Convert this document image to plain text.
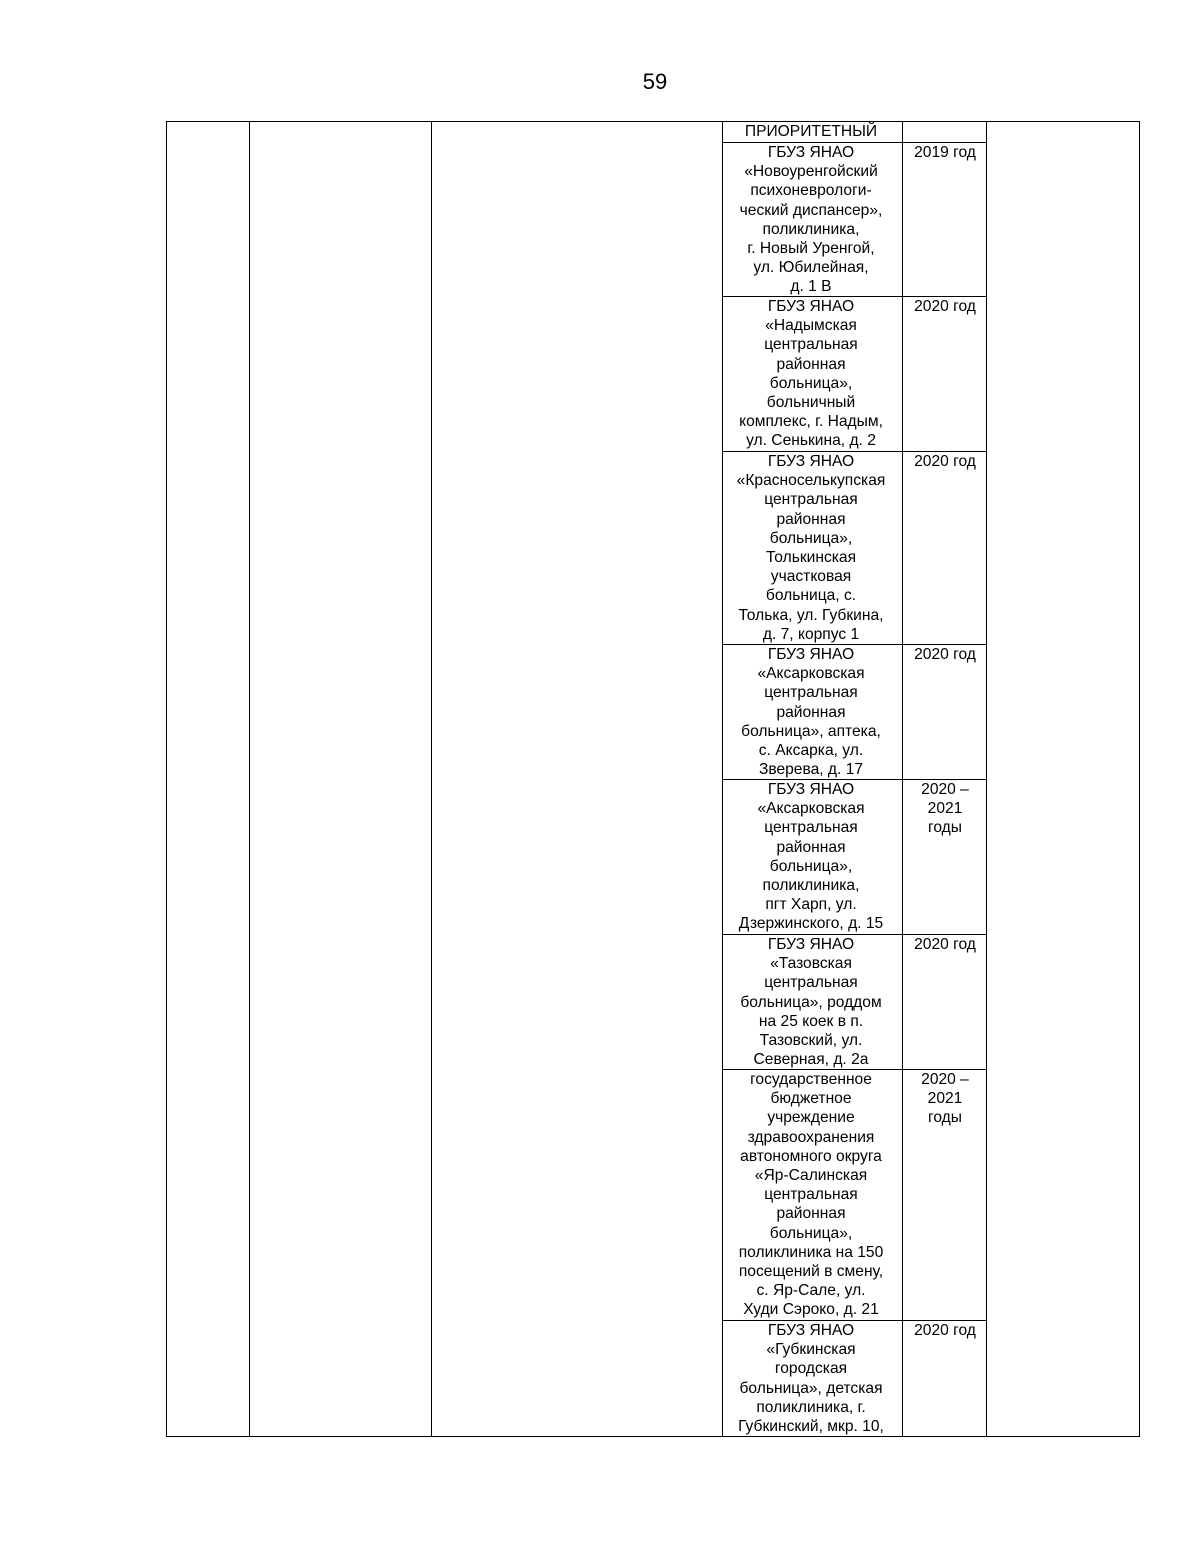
59
ПРИОРИТЕТНЫЙ
ГБУЗ ЯНАО
«Новоуренгойский
психоневрологи-
ческий диспансер»,
поликлиника,
г. Новый Уренгой,
ул. Юбилейная,
д. 1 В
2019 год
ГБУЗ ЯНАО
«Надымская
центральная
районная
больница»,
больничный
комплекс, г. Надым,
ул. Сенькина, д. 2
2020 год
ГБУЗ ЯНАО
«Красноселькупская
центральная
районная
больница»,
Толькинская
участковая
больница, с.
Толька, ул. Губкина,
д. 7, корпус 1
2020 год
ГБУЗ ЯНАО
«Аксарковская
центральная
районная
больница», аптека,
с. Аксарка, ул.
Зверева, д. 17
2020 год
ГБУЗ ЯНАО
«Аксарковская
центральная
районная
больница»,
поликлиника,
пгт Харп, ул.
Дзержинского, д. 15
2020 –
2021
годы
ГБУЗ ЯНАО
«Тазовская
центральная
больница», роддом
на 25 коек в п.
Тазовский, ул.
Северная, д. 2а
2020 год
государственное
бюджетное
учреждение
здравоохранения
автономного округа
«Яр-Салинская
центральная
районная
больница»,
поликлиника на 150
посещений в смену,
с. Яр-Сале, ул.
Худи Сэроко, д. 21
2020 –
2021
годы
ГБУЗ ЯНАО
«Губкинская
городская
больница», детская
поликлиника, г.
Губкинский, мкр. 10,
2020 год
